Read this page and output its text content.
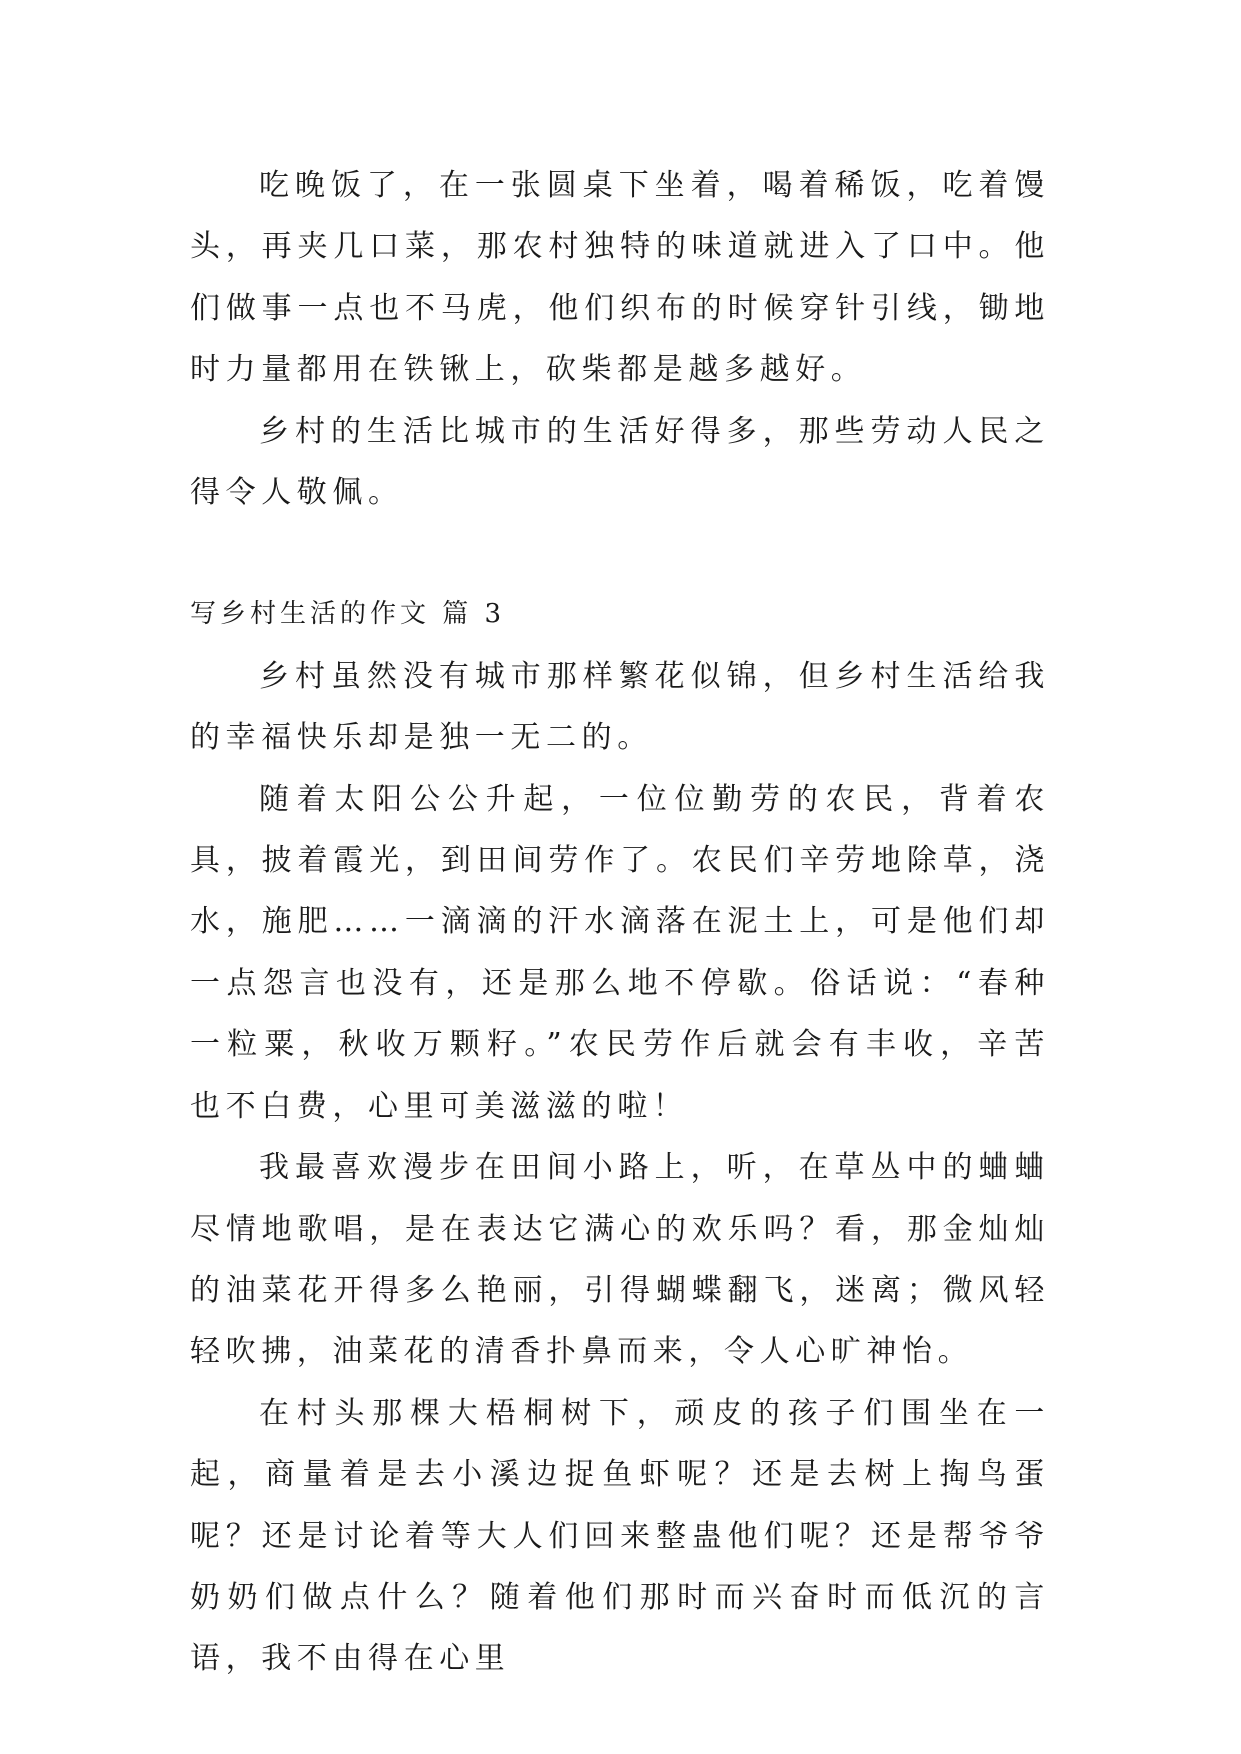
吃晚饭了，在一张圆桌下坐着，喝着稀饭，吃着馒头，再夹几口菜，那农村独特的味道就进入了口中。他们做事一点也不马虎，他们织布的时候穿针引线，锄地时力量都用在铁锹上，砍柴都是越多越好。

乡村的生活比城市的生活好得多，那些劳动人民之得令人敬佩。

写乡村生活的作文 篇 3

乡村虽然没有城市那样繁花似锦，但乡村生活给我的幸福快乐却是独一无二的。

随着太阳公公升起，一位位勤劳的农民，背着农具，披着霞光，到田间劳作了。农民们辛劳地除草，浇水，施肥……一滴滴的汗水滴落在泥土上，可是他们却一点怨言也没有，还是那么地不停歇。俗话说：“春种一粒粟，秋收万颗籽。”农民劳作后就会有丰收，辛苦也不白费，心里可美滋滋的啦！

我最喜欢漫步在田间小路上，听，在草丛中的蛐蛐尽情地歌唱，是在表达它满心的欢乐吗？看，那金灿灿的油菜花开得多么艳丽，引得蝴蝶翻飞，迷离；微风轻轻吹拂，油菜花的清香扑鼻而来，令人心旷神怡。

在村头那棵大梧桐树下，顽皮的孩子们围坐在一起，商量着是去小溪边捉鱼虾呢？还是去树上掏鸟蛋呢？还是讨论着等大人们回来整蛊他们呢？还是帮爷爷奶奶们做点什么？随着他们那时而兴奋时而低沉的言语，我不由得在心里
